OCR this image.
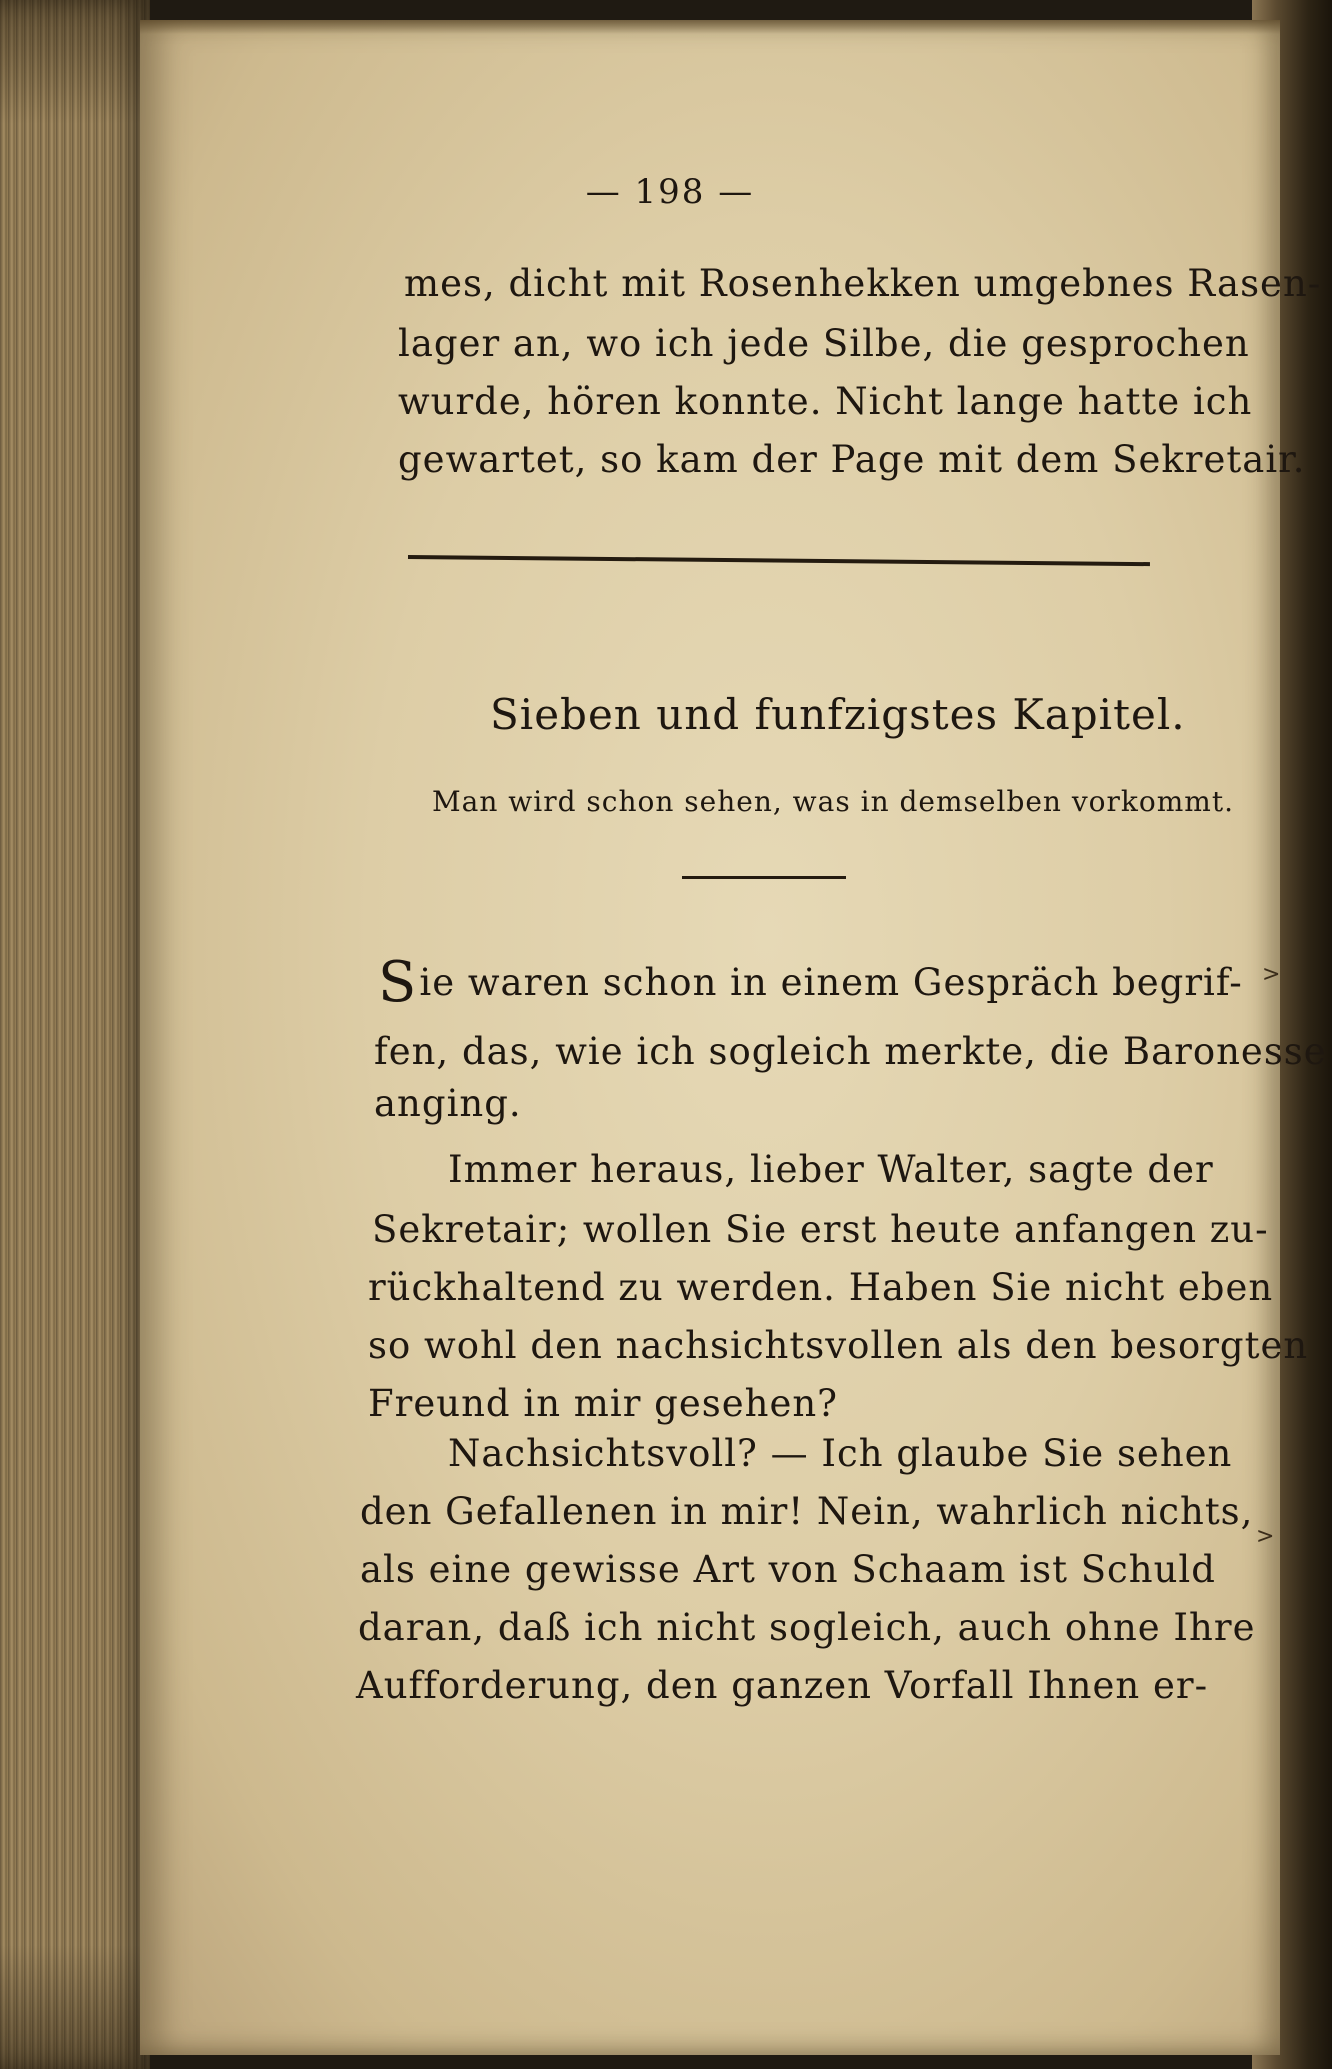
— 198 —
mes, dicht mit Rosenhekken umgebnes Rasen-
lager an, wo ich jede Silbe, die gesprochen
wurde, hören konnte. Nicht lange hatte ich
gewartet, so kam der Page mit dem Sekretair.
Sieben und funfzigstes Kapitel.
Man wird schon sehen, was in demselben vorkommt.
Sie waren schon in einem Gespräch begrif-
fen, das, wie ich sogleich merkte, die Baronesse
anging.
Immer heraus, lieber Walter, sagte der
Sekretair; wollen Sie erst heute anfangen zu-
rückhaltend zu werden. Haben Sie nicht eben
so wohl den nachsichtsvollen als den besorgten
Freund in mir gesehen?
Nachsichtsvoll? — Ich glaube Sie sehen
den Gefallenen in mir! Nein, wahrlich nichts,
als eine gewisse Art von Schaam ist Schuld
daran, daß ich nicht sogleich, auch ohne Ihre
Aufforderung, den ganzen Vorfall Ihnen er-
>
>
